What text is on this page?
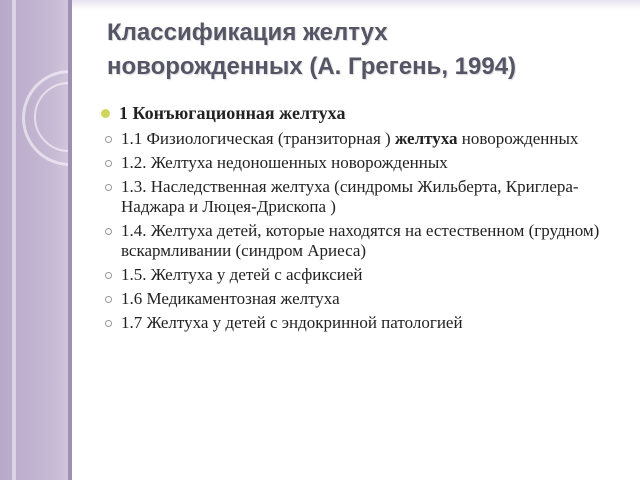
Классификация желтух
новорожденных (А. Грегень, 1994)
1 Конъюгационная желтуха
1.1 Физиологическая (транзиторная ) желтуха новорожденных
1.2. Желтуха недоношенных новорожденных
1.3. Наследственная желтуха (синдромы Жильберта, Криглера-Наджара и Люцея-Дрископа )
1.4. Желтуха детей, которые находятся на естественном (грудном) вскармливании (синдром Ариеса)
1.5. Желтуха у детей с асфиксией
1.6 Медикаментозная желтуха
1.7 Желтуха у детей с эндокринной патологией
